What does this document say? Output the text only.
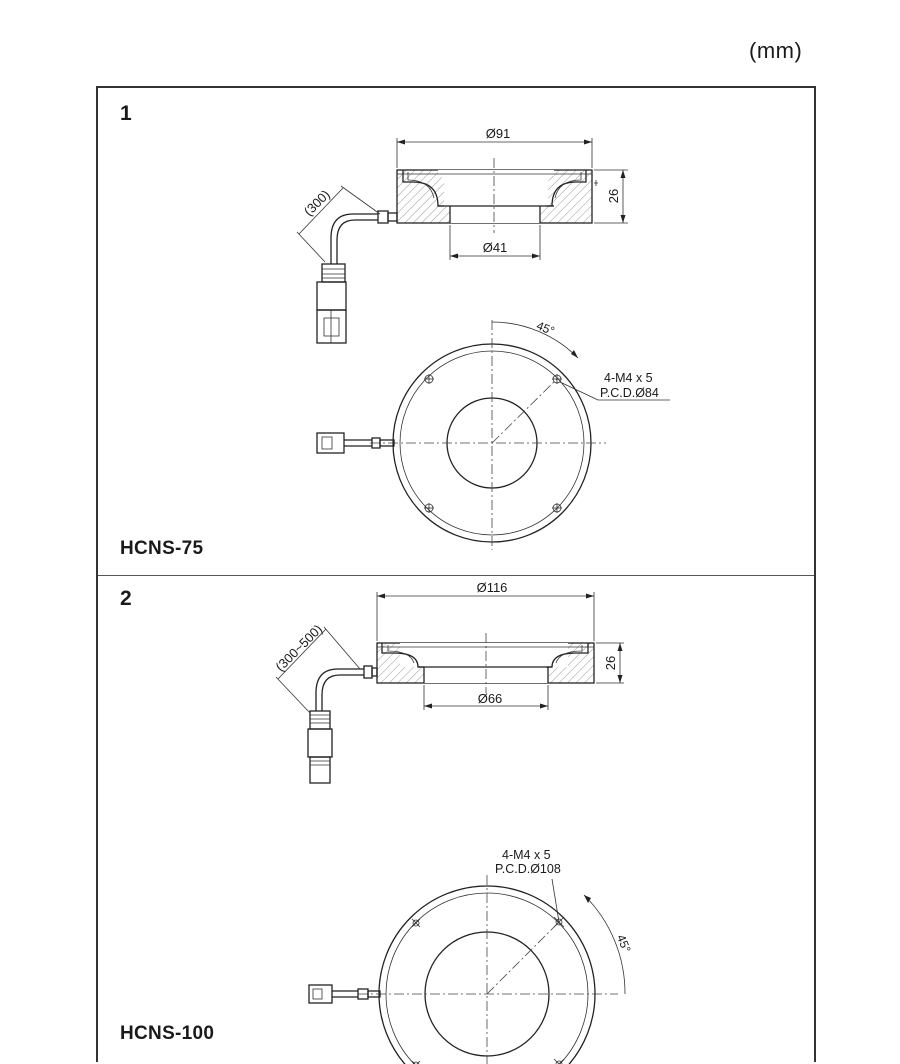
(mm)
1
HCNS-75
Ø91
Ø41
26
(300)
45°
4-M4 x 5
P.C.D.Ø84
2
HCNS-100
Ø116
Ø66
26
(300~500)
45°
4-M4 x 5
P.C.D.Ø108
